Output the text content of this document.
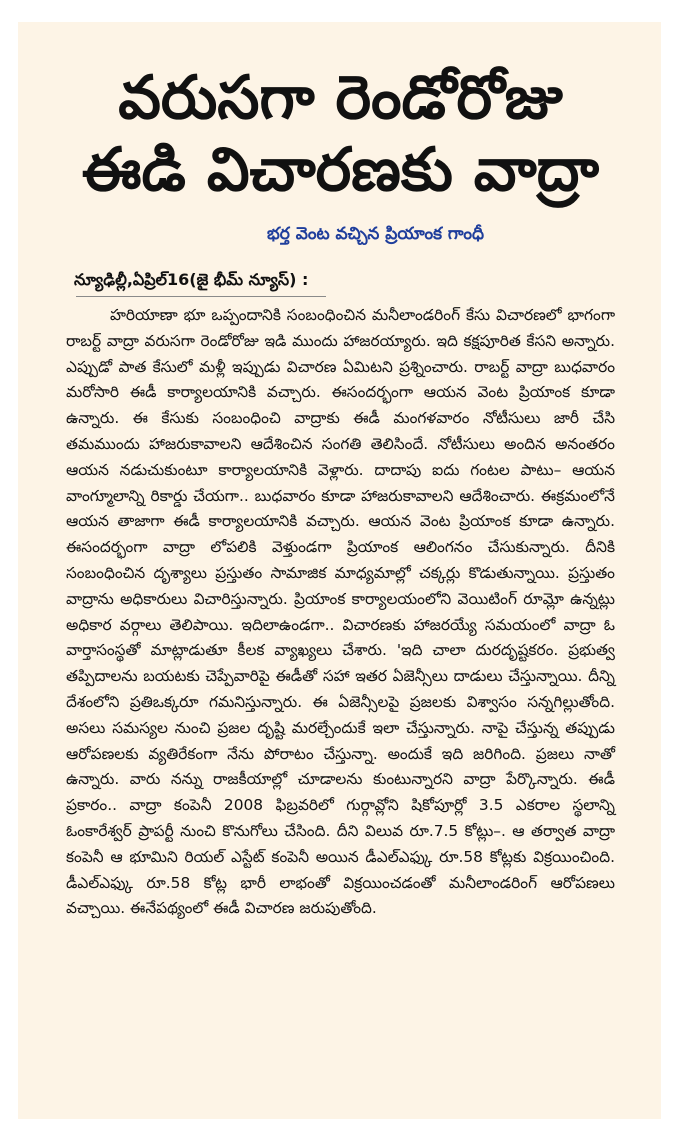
వరుసగా రెండోరోజు
ఈడి విచారణకు వాద్రా
భర్త వెంట వచ్చిన ప్రియాంక గాంధీ
న్యూఢిల్లీ,ఏప్రిల్16(జై భీమ్ న్యూస్) :

హరియాణా భూ ఒప్పందానికి సంబంధించిన మనీలాండరింగ్ కేసు విచారణలో భాగంగా రాబర్ట్ వాద్రా వరుసగా రెండోరోజు ఇడి ముందు హాజరయ్యారు. ఇది కక్షపూరిత కేసని అన్నారు. ఎప్పుడో పాత కేసులో మళ్లీ ఇప్పుడు విచారణ ఏమిటని ప్రశ్నించారు. రాబర్ట్ వాద్రా బుధవారం మరోసారి ఈడీ కార్యాలయానికి వచ్చారు. ఈసందర్భంగా ఆయన వెంట ప్రియాంక కూడా ఉన్నారు. ఈ కేసుకు సంబంధించి వాద్రాకు ఈడీ మంగళవారం నోటీసులు జారీ చేసి తమముందు హాజరుకావాలని ఆదేశించిన సంగతి తెలిసిందే. నోటీసులు అందిన అనంతరం ఆయన నడుచుకుంటూ కార్యాలయానికి వెళ్లారు. దాదాపు ఐదు గంటల పాటు– ఆయన వాంగ్మూలాన్ని రికార్డు చేయగా.. బుధవారం కూడా హాజరుకావాలని ఆదేశించారు. ఈక్రమంలోనే ఆయన తాజాగా ఈడీ కార్యాలయానికి వచ్చారు. ఆయన వెంట ప్రియాంక కూడా ఉన్నారు. ఈసందర్భంగా వాద్రా లోపలికి వెళ్తుండగా ప్రియాంక ఆలింగనం చేసుకున్నారు. దీనికి సంబంధించిన దృశ్యాలు ప్రస్తుతం సామాజిక మాధ్యమాల్లో చక్కర్లు కొడుతున్నాయి. ప్రస్తుతం వాద్రాను అధికారులు విచారిస్తున్నారు. ప్రియాంక కార్యాలయంలోని వెయిటింగ్ రూమ్లో ఉన్నట్లు అధికార వర్గాలు తెలిపాయి. ఇదిలాఉండగా.. విచారణకు హాజరయ్యే సమయంలో వాద్రా ఓ వార్తాసంస్థతో మాట్లాడుతూ కీలక వ్యాఖ్యలు చేశారు. 'ఇది చాలా దురదృష్టకరం. ప్రభుత్వ తప్పిదాలను బయటకు చెప్పేవారిపై ఈడీతో సహా ఇతర ఏజెన్సీలు దాడులు చేస్తున్నాయి. దీన్ని దేశంలోని ప్రతిఒక్కరూ గమనిస్తున్నారు. ఈ ఏజెన్సీలపై ప్రజలకు విశ్వాసం సన్నగిల్లుతోంది. అసలు సమస్యల నుంచి ప్రజల దృష్టి మరల్చేందుకే ఇలా చేస్తున్నారు. నాపై చేస్తున్న తప్పుడు ఆరోపణలకు వ్యతిరేకంగా నేను పోరాటం చేస్తున్నా. అందుకే ఇది జరిగింది. ప్రజలు నాతో ఉన్నారు. వారు నన్ను రాజకీయాల్లో చూడాలను కుంటున్నారని వాద్రా పేర్కొన్నారు. ఈడీ ప్రకారం.. వాద్రా కంపెనీ 2008 ఫిబ్రవరిలో గుర్గావ్లోని షికోపూర్లో 3.5 ఎకరాల స్థలాన్ని ఓంకారేశ్వర్ ప్రాపర్టీ నుంచి కొనుగోలు చేసింది. దీని విలువ రూ.7.5 కోట్లు–. ఆ తర్వాత వాద్రా కంపెనీ ఆ భూమిని రియల్ ఎస్టేట్ కంపెనీ అయిన డీఎల్ఎఫ్కు రూ.58 కోట్లకు విక్రయించింది. డీఎల్ఎఫ్కు రూ.58 కోట్ల భారీ లాభంతో విక్రయించడంతో మనీలాండరింగ్ ఆరోపణలు వచ్చాయి. ఈనేపథ్యంలో ఈడీ విచారణ జరుపుతోంది.
